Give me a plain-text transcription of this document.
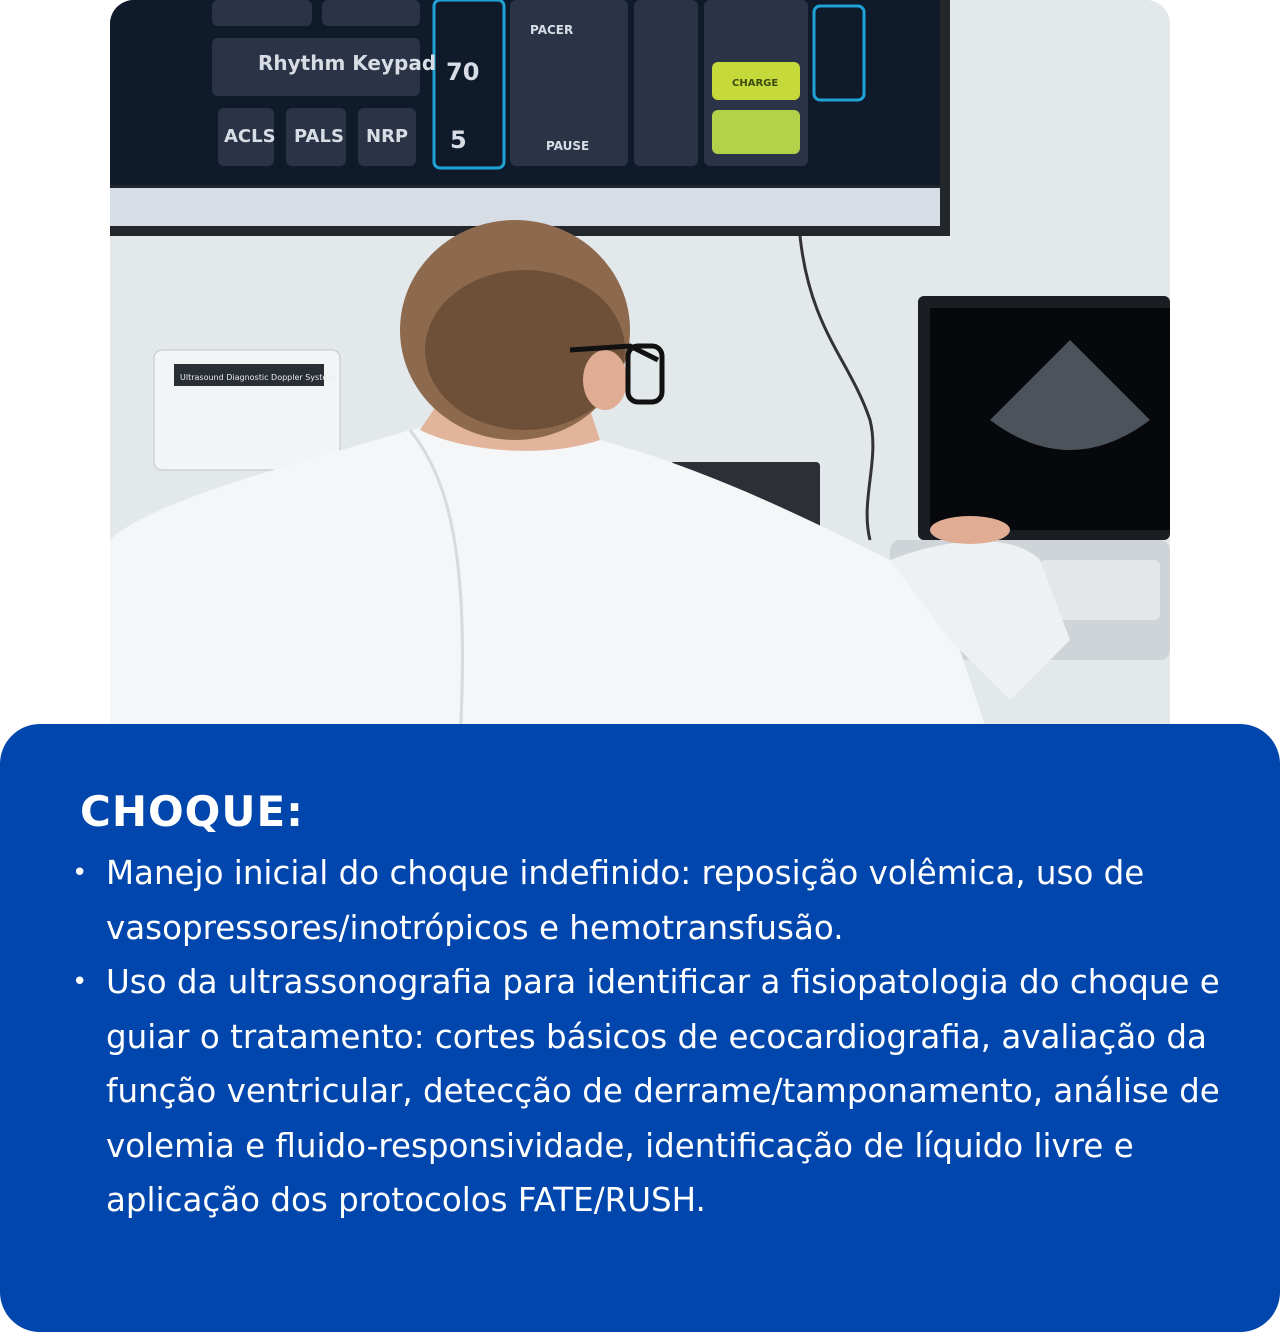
Rhythm Keypad
ACLS PALS NRP
70
5
PACER
PAUSE
CHARGE
Ultrasound Diagnostic Doppler System
CHOQUE:
• Manejo inicial do choque indefinido: reposição volêmica, uso de vasopressores/inotrópicos e hemotransfusão.
• Uso da ultrassonografia para identificar a fisiopatologia do choque e guiar o tratamento: cortes básicos de ecocardiografia, avaliação da função ventricular, detecção de derrame/tamponamento, análise de volemia e fluido-responsividade, identificação de líquido livre e aplicação dos protocolos FATE/RUSH.
